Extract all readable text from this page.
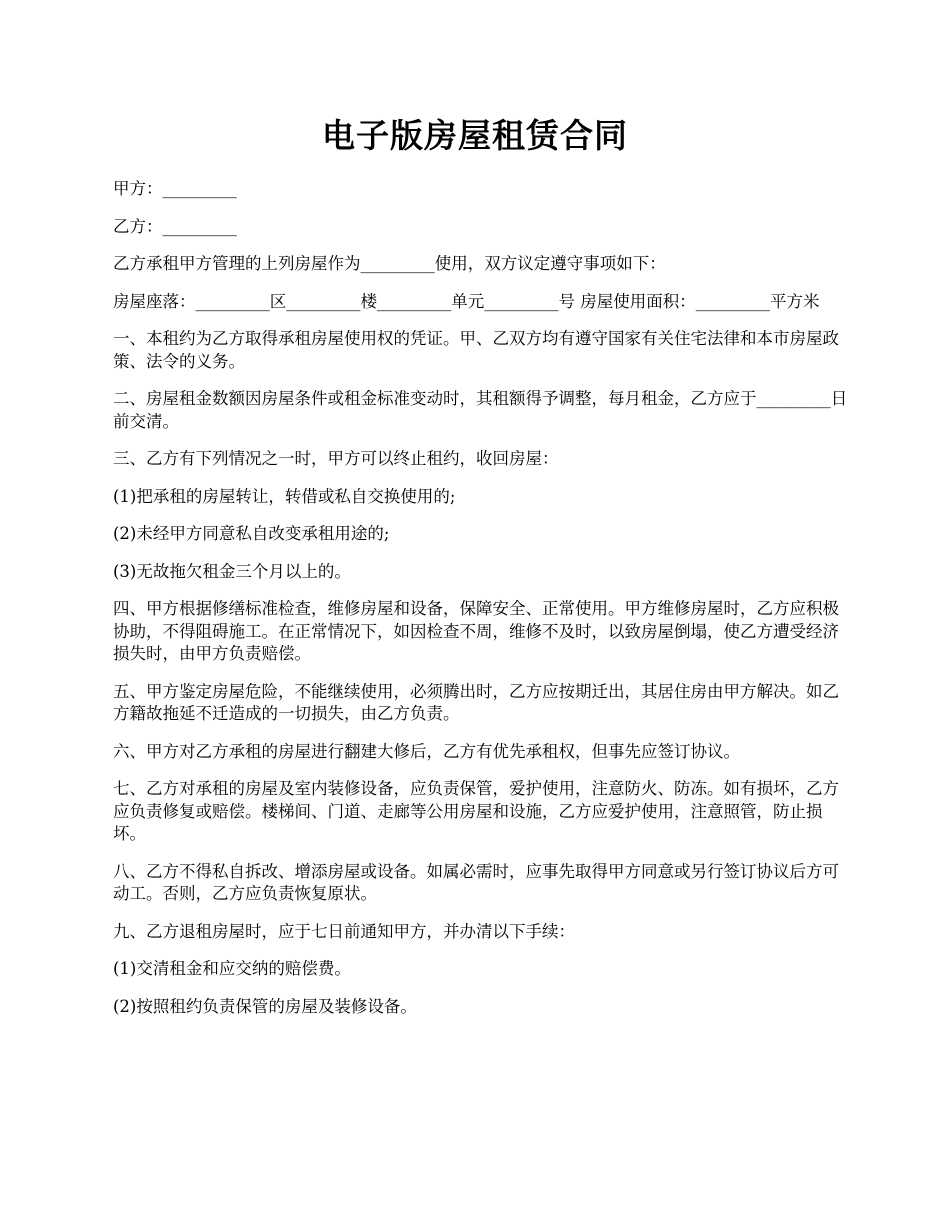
电子版房屋租赁合同

甲方：_________

乙方：_________

乙方承租甲方管理的上列房屋作为_________使用，双方议定遵守事项如下：

房屋座落：_________区_________楼_________单元_________号 房屋使用面积：_________平方米

一、本租约为乙方取得承租房屋使用权的凭证。甲、乙双方均有遵守国家有关住宅法律和本市房屋政策、法令的义务。

二、房屋租金数额因房屋条件或租金标准变动时，其租额得予调整，每月租金，乙方应于_________日前交清。

三、乙方有下列情况之一时，甲方可以终止租约，收回房屋：

(1)把承租的房屋转让，转借或私自交换使用的;

(2)未经甲方同意私自改变承租用途的;

(3)无故拖欠租金三个月以上的。

四、甲方根据修缮标准检查，维修房屋和设备，保障安全、正常使用。甲方维修房屋时，乙方应积极协助，不得阻碍施工。在正常情况下，如因检查不周，维修不及时，以致房屋倒塌，使乙方遭受经济损失时，由甲方负责赔偿。

五、甲方鉴定房屋危险，不能继续使用，必须腾出时，乙方应按期迁出，其居住房由甲方解决。如乙方籍故拖延不迁造成的一切损失，由乙方负责。

六、甲方对乙方承租的房屋进行翻建大修后，乙方有优先承租权，但事先应签订协议。

七、乙方对承租的房屋及室内装修设备，应负责保管，爱护使用，注意防火、防冻。如有损坏，乙方应负责修复或赔偿。楼梯间、门道、走廊等公用房屋和设施，乙方应爱护使用，注意照管，防止损坏。

八、乙方不得私自拆改、增添房屋或设备。如属必需时，应事先取得甲方同意或另行签订协议后方可动工。否则，乙方应负责恢复原状。

九、乙方退租房屋时，应于七日前通知甲方，并办清以下手续：

(1)交清租金和应交纳的赔偿费。

(2)按照租约负责保管的房屋及装修设备。
